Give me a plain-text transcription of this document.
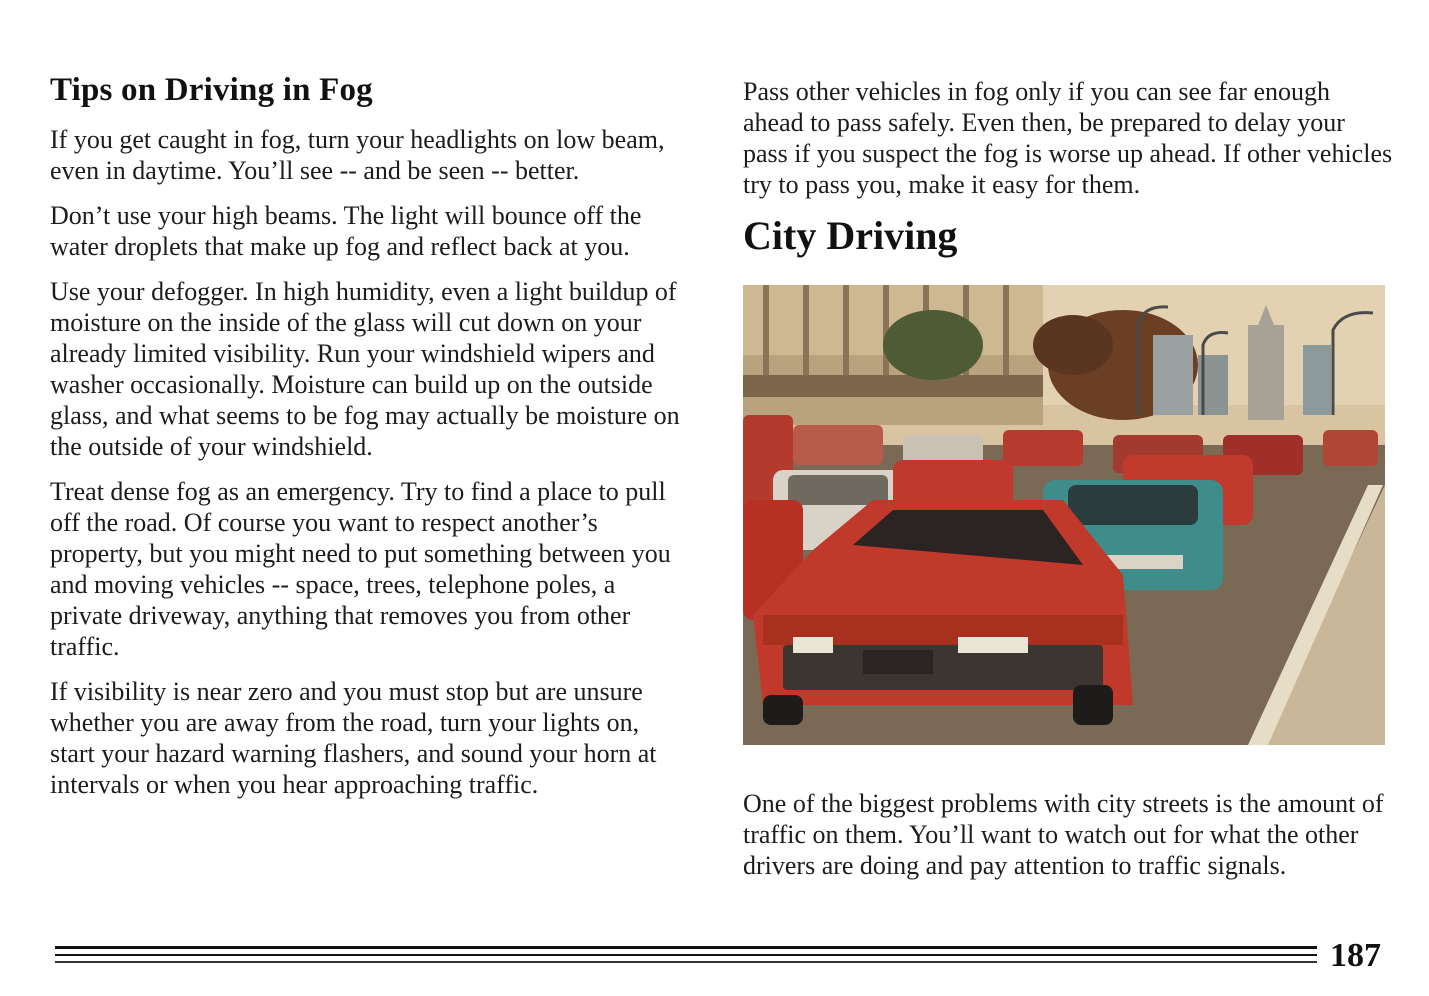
Tips on Driving in Fog

If you get caught in fog, turn your headlights on low beam, even in daytime. You’ll see -- and be seen -- better.

Don’t use your high beams. The light will bounce off the water droplets that make up fog and reflect back at you.

Use your defogger. In high humidity, even a light buildup of moisture on the inside of the glass will cut down on your already limited visibility. Run your windshield wipers and washer occasionally. Moisture can build up on the outside glass, and what seems to be fog may actually be moisture on the outside of your windshield.

Treat dense fog as an emergency. Try to find a place to pull off the road. Of course you want to respect another’s property, but you might need to put something between you and moving vehicles -- space, trees, telephone poles, a private driveway, anything that removes you from other traffic.

If visibility is near zero and you must stop but are unsure whether you are away from the road, turn your lights on, start your hazard warning flashers, and sound your horn at intervals or when you hear approaching traffic.

Pass other vehicles in fog only if you can see far enough ahead to pass safely. Even then, be prepared to delay your pass if you suspect the fog is worse up ahead. If other vehicles try to pass you, make it easy for them.

City Driving

One of the biggest problems with city streets is the amount of traffic on them. You’ll want to watch out for what the other drivers are doing and pay attention to traffic signals.

187
